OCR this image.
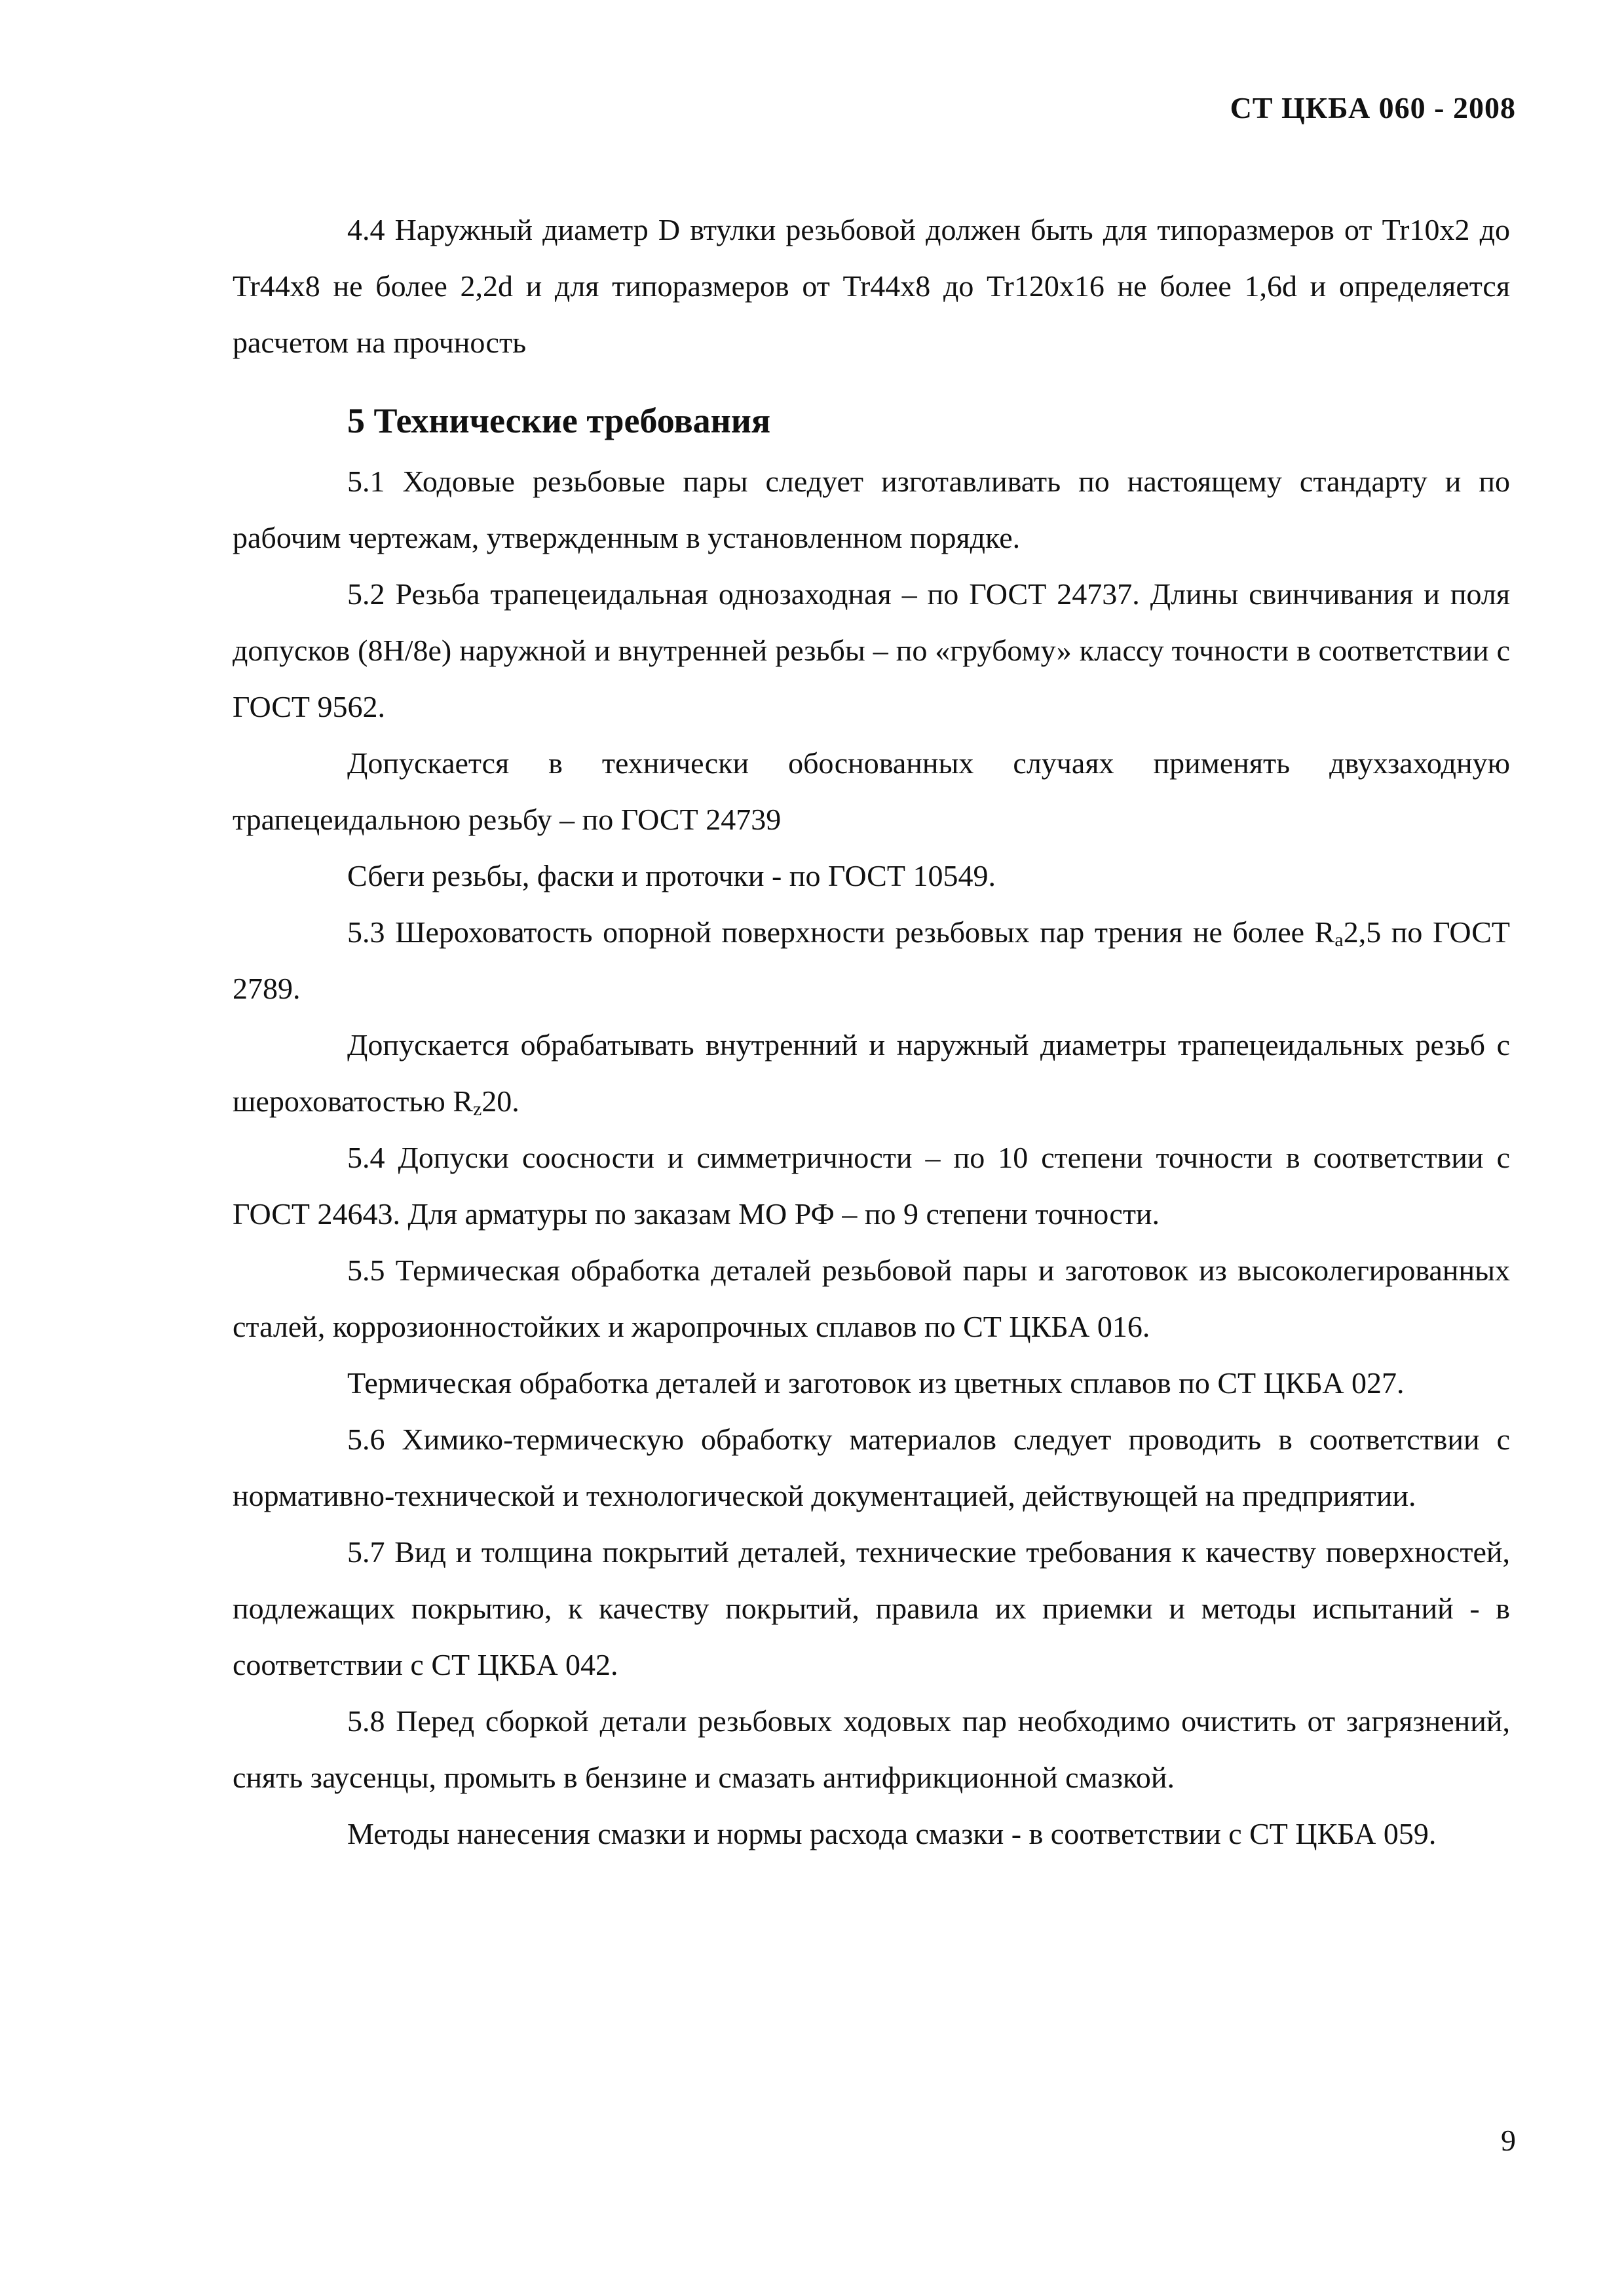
СТ ЦКБА 060 - 2008

4.4 Наружный диаметр D втулки резьбовой должен быть для типоразмеров от Tr10х2 до Tr44х8 не более 2,2d и для типоразмеров от Tr44х8 до Tr120х16 не более 1,6d и определяется расчетом на прочность

5 Технические требования

5.1 Ходовые резьбовые пары следует изготавливать по настоящему стандарту и по рабочим чертежам, утвержденным в установленном порядке.

5.2 Резьба трапецеидальная однозаходная – по ГОСТ 24737. Длины свинчивания и поля допусков (8Н/8е) наружной и внутренней резьбы – по «грубому» классу точности в соответствии с ГОСТ 9562.

Допускается в технически обоснованных случаях применять двухзаходную трапецеидальною резьбу – по ГОСТ 24739

Сбеги резьбы, фаски и проточки - по ГОСТ 10549.

5.3 Шероховатость опорной поверхности резьбовых пар трения не более $R_a2,5$ по ГОСТ 2789.

Допускается обрабатывать внутренний и наружный диаметры трапецеидальных резьб с шероховатостью $R_z20$.

5.4 Допуски соосности и симметричности – по 10 степени точности в соответствии с ГОСТ 24643. Для арматуры по заказам МО РФ – по 9 степени точности.

5.5 Термическая обработка деталей резьбовой пары и заготовок из высоколегированных сталей, коррозионностойких и жаропрочных сплавов по СТ ЦКБА 016.

Термическая обработка деталей и заготовок из цветных сплавов по СТ ЦКБА 027.

5.6 Химико-термическую обработку материалов следует проводить в соответствии с нормативно-технической и технологической документацией, действующей на предприятии.

5.7 Вид и толщина покрытий деталей, технические требования к качеству поверхностей, подлежащих покрытию, к качеству покрытий, правила их приемки и методы испытаний - в соответствии с СТ ЦКБА 042.

5.8 Перед сборкой детали резьбовых ходовых пар необходимо очистить от загрязнений, снять заусенцы, промыть в бензине и смазать антифрикционной смазкой.

Методы нанесения смазки и нормы расхода смазки - в соответствии с СТ ЦКБА 059.

9
